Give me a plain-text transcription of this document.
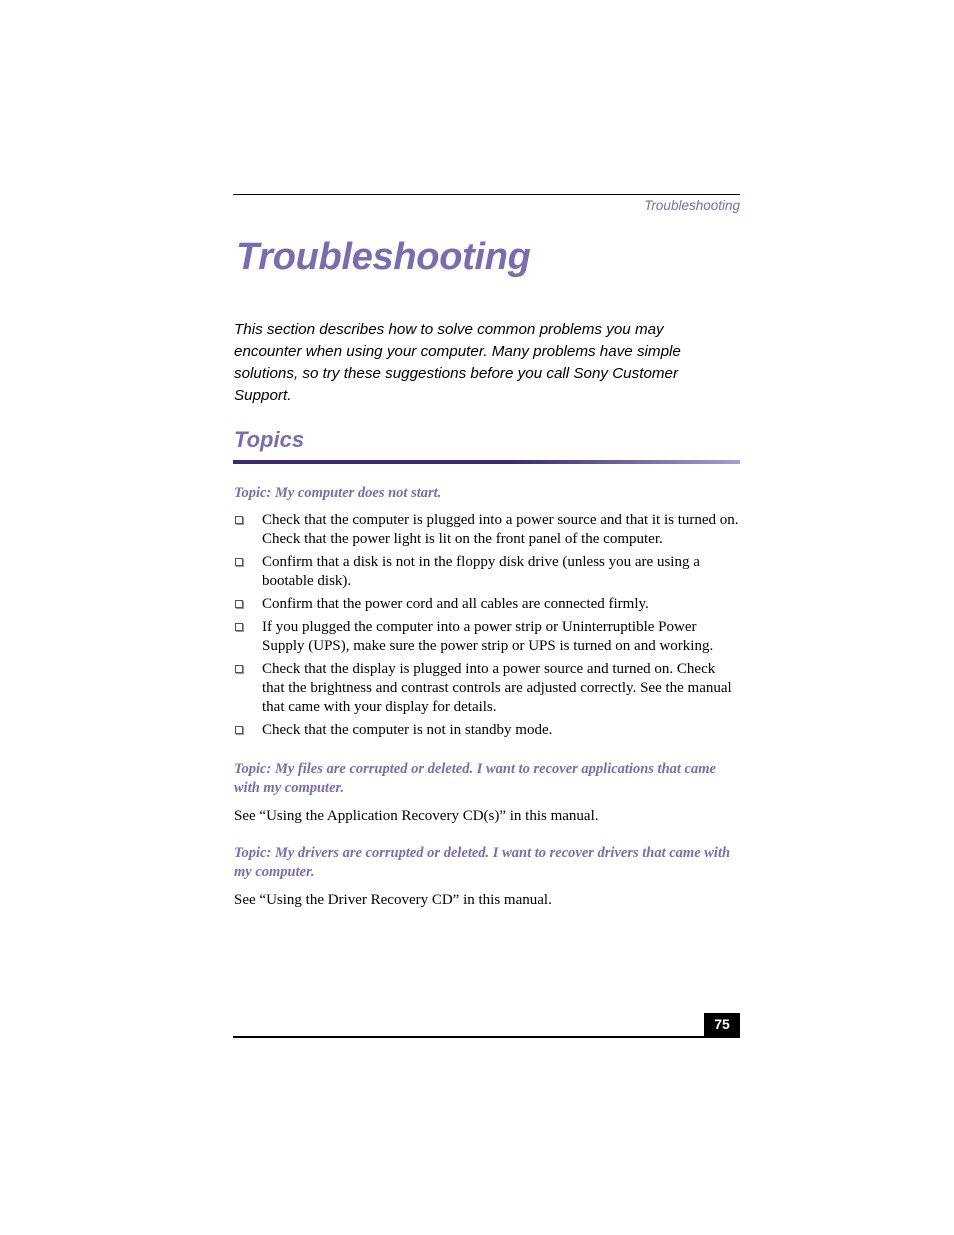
Troubleshooting
Troubleshooting

This section describes how to solve common problems you may encounter when using your computer. Many problems have simple solutions, so try these suggestions before you call Sony Customer Support.

Topics
Topic: My computer does not start.
Check that the computer is plugged into a power source and that it is turned on. Check that the power light is lit on the front panel of the computer.
Confirm that a disk is not in the floppy disk drive (unless you are using a bootable disk).
Confirm that the power cord and all cables are connected firmly.
If you plugged the computer into a power strip or Uninterruptible Power Supply (UPS), make sure the power strip or UPS is turned on and working.
Check that the display is plugged into a power source and turned on. Check that the brightness and contrast controls are adjusted correctly. See the manual that came with your display for details.
Check that the computer is not in standby mode.
Topic: My files are corrupted or deleted. I want to recover applications that came with my computer.

See “Using the Application Recovery CD(s)” in this manual.

Topic: My drivers are corrupted or deleted. I want to recover drivers that came with my computer.

See “Using the Driver Recovery CD” in this manual.

75
